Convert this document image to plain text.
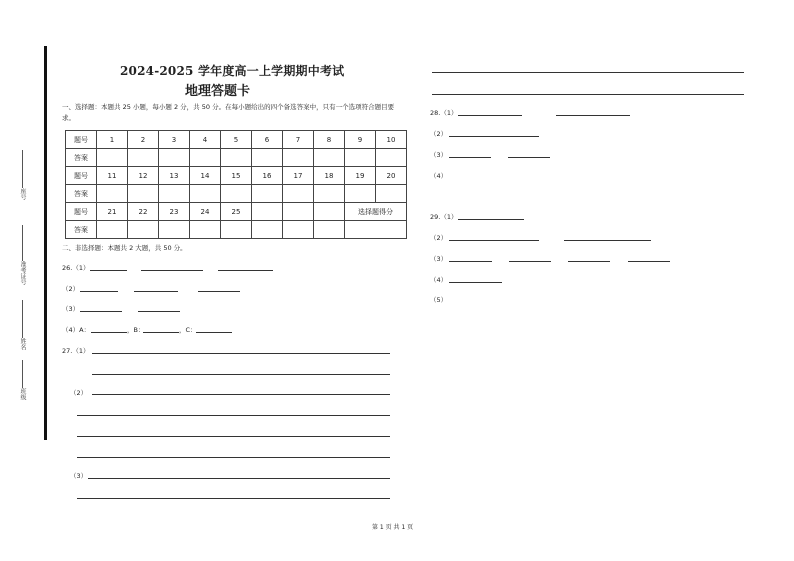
座号
准考证号
姓名
班级
2024-2025 学年度高一上学期期中考试
地理答题卡
一、选择题：本题共 25 小题，每小题 2 分，共 50 分。在每小题给出的四个备选答案中，只有一个选项符合题目要求。
题号	1	2	3	4	5	6	7	8	9	10
答案										
题号	11	12	13	14	15	16	17	18	19	20
答案										
题号	21	22	23	24	25				选择题得分	
答案										
二、非选择题：本题共 2 大题，共 50 分。
26.（1）
（2）
（3）
（4）A：	，B：	，C：
27.（1）
（2）
（3）
28.（1）
（2）
（3）
（4）
29.（1）
（2）
（3）
（4）
（5）
第 1 页 共 1 页
